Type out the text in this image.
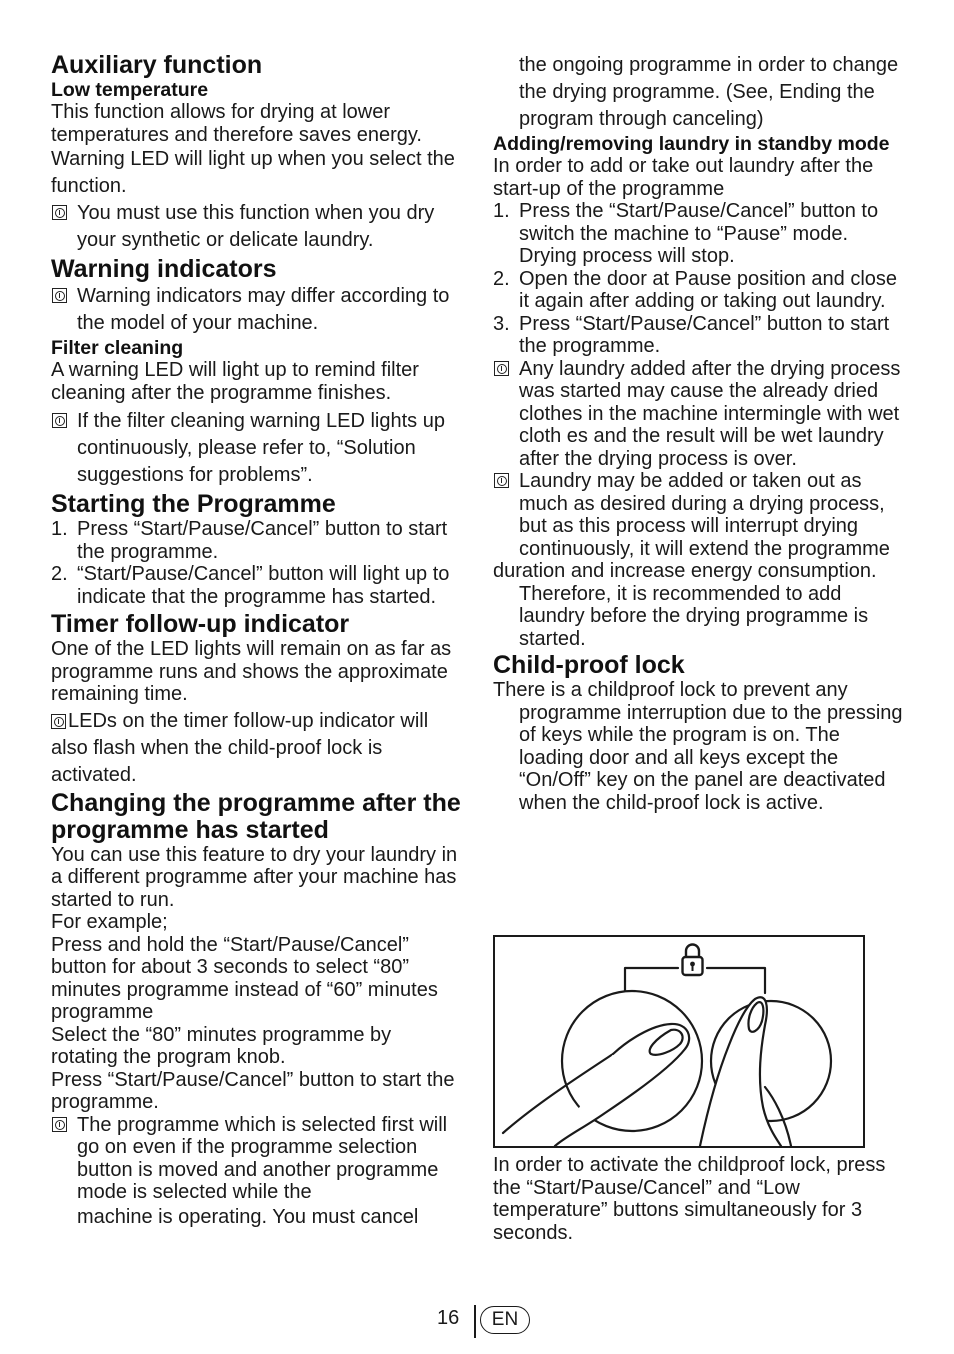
Auxiliary function
Low temperature

This function allows for drying at lower temperatures and therefore saves energy.

Warning LED will light up when you select the function.

You must use this function when you dry your synthetic or delicate laundry.

Warning indicators

Warning indicators may differ according to the model of your machine.

Filter cleaning

A warning LED will light up to remind filter cleaning after the programme finishes.

If the filter cleaning warning LED lights up continuously, please refer to, “Solution suggestions for problems”.

Starting the Programme
1. Press “Start/Pause/Cancel” button to start the programme.
2. “Start/Pause/Cancel” button will light up to indicate that the programme has started.
Timer follow-up indicator

One of the LED lights will remain on as far as programme runs and shows the approximate remaining time.

LEDs on the timer follow-up indicator will also flash when the child-proof lock is activated.

Changing the programme after the programme has started

You can use this feature to dry your laundry in a different programme after your machine has started to run.

For example;

Press and hold the “Start/Pause/Cancel” button for about 3 seconds to select “80” minutes programme instead of “60” minutes programme

Select the “80” minutes programme by rotating the program knob.

Press “Start/Pause/Cancel” button to start the programme.

The programme which is selected first will go on even if the programme selection button is moved and another programme mode is selected while the

machine is operating. You must cancel

the ongoing programme in order to change the drying programme. (See, Ending the program through canceling)

Adding/removing laundry in standby mode

In order to add or take out laundry after the start-up of the programme

1. Press the “Start/Pause/Cancel” button to switch the machine to “Pause” mode. Drying process will stop.
2. Open the door at Pause position and close it again after adding or taking out laundry.
3. Press “Start/Pause/Cancel” button to start the programme.

Any laundry added after the drying process was started may cause the already dried clothes in the machine intermingle with wet cloth es and the result will be wet laundry after the drying process is over.

Laundry may be added or taken out as much as desired during a drying process, but as this process will interrupt drying continuously, it will extend the programme

duration and increase energy consumption. Therefore, it is recommended to add laundry before the drying programme is started.

Child-proof lock

There is a childproof lock to prevent any programme interruption due to the pressing of keys while the program is on. The loading door and all keys except the “On/Off” key on the panel are deactivated when the child-proof lock is active.

In order to activate the childproof lock, press the “Start/Pause/Cancel” and “Low temperature” buttons simultaneously for 3 seconds.

16	EN
